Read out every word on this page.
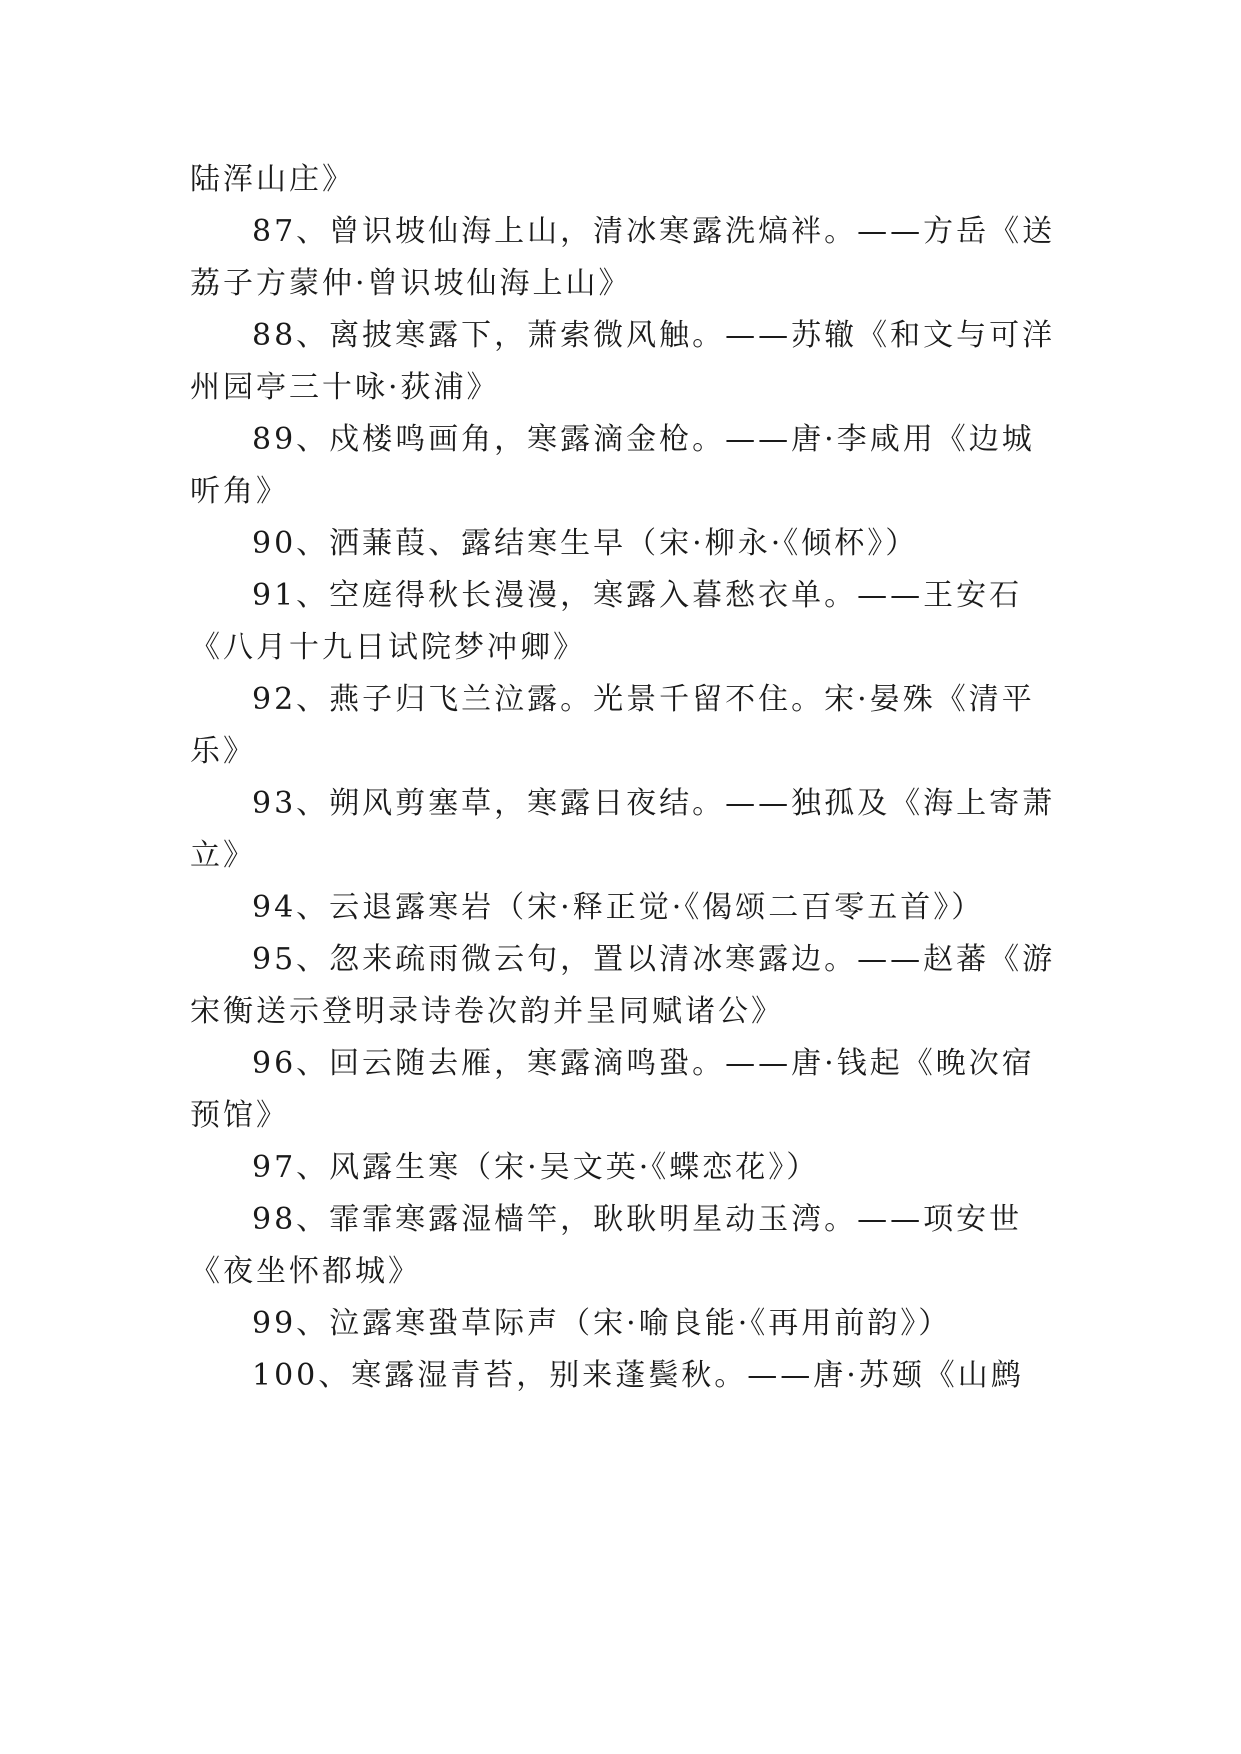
陆浑山庄》
87、曾识坡仙海上山，清冰寒露洗熇袢。——方岳《送
荔子方蒙仲·曾识坡仙海上山》
88、离披寒露下，萧索微风触。——苏辙《和文与可洋
州园亭三十咏·荻浦》
89、戍楼鸣画角，寒露滴金枪。——唐·李咸用《边城
听角》
90、洒蒹葭、露结寒生早（宋·柳永·《倾杯》）
91、空庭得秋长漫漫，寒露入暮愁衣单。——王安石
《八月十九日试院梦冲卿》
92、燕子归飞兰泣露。光景千留不住。宋·晏殊《清平
乐》
93、朔风剪塞草，寒露日夜结。——独孤及《海上寄萧
立》
94、云退露寒岩（宋·释正觉·《偈颂二百零五首》）
95、忽来疏雨微云句，置以清冰寒露边。——赵蕃《游
宋衡送示登明录诗卷次韵并呈同赋诸公》
96、回云随去雁，寒露滴鸣蛩。——唐·钱起《晚次宿
预馆》
97、风露生寒（宋·吴文英·《蝶恋花》）
98、霏霏寒露湿樯竿，耿耿明星动玉湾。——项安世
《夜坐怀都城》
99、泣露寒蛩草际声（宋·喻良能·《再用前韵》）
100、寒露湿青苔，别来蓬鬓秋。——唐·苏颋《山鹧
